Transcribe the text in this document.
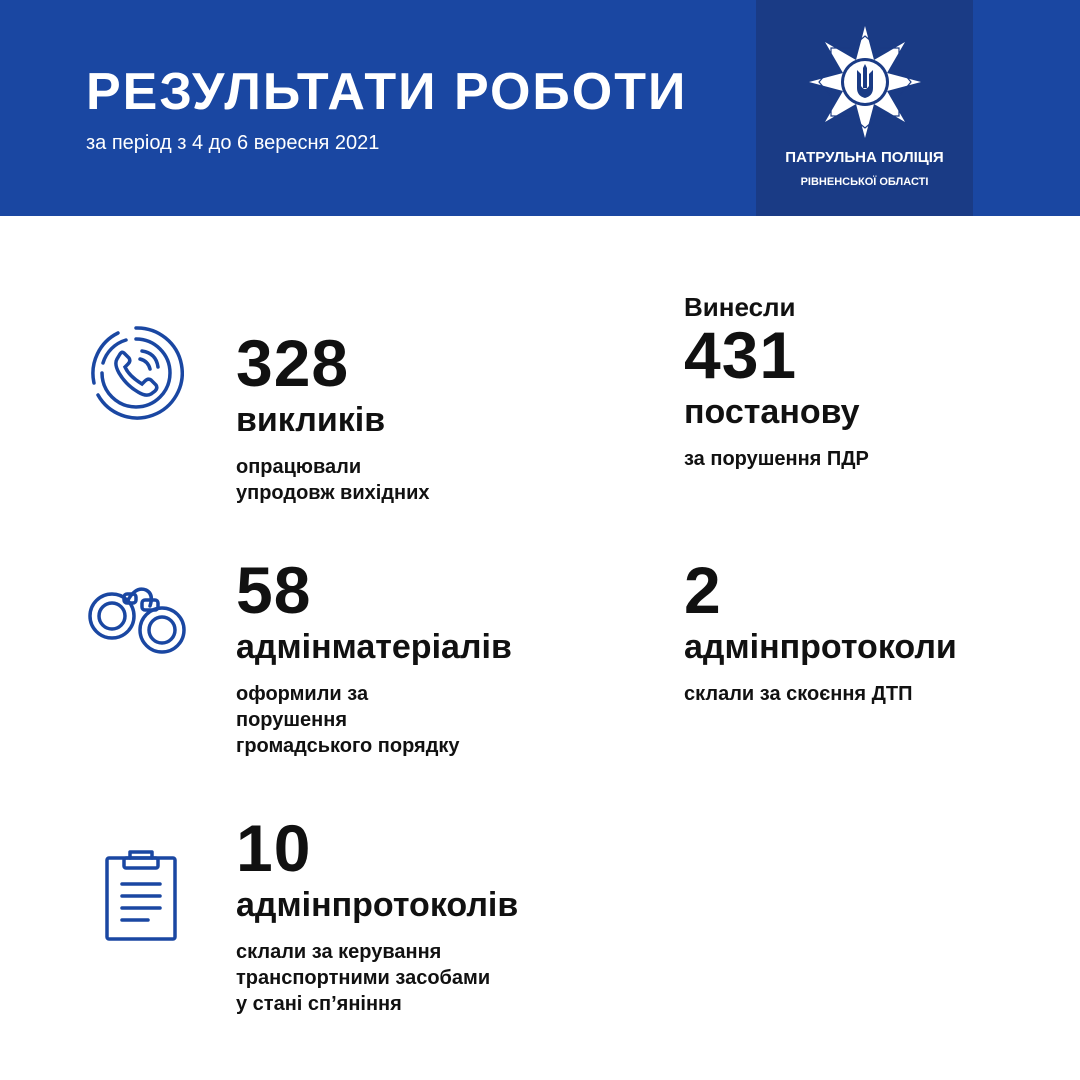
РЕЗУЛЬТАТИ РОБОТИ
за період з 4 до 6 вересня 2021
ПАТРУЛЬНА ПОЛІЦІЯ
РІВНЕНСЬКОЇ ОБЛАСТІ
328
викликів
опрацювали
упродовж вихідних
Винесли
431
постанову
за порушення ПДР
58
адмінматеріалів
оформили за
порушення
громадського порядку
2
адмінпротоколи
склали за скоєння ДТП
10
адмінпротоколів
склали за керування
транспортними засобами
у стані сп’яніння
